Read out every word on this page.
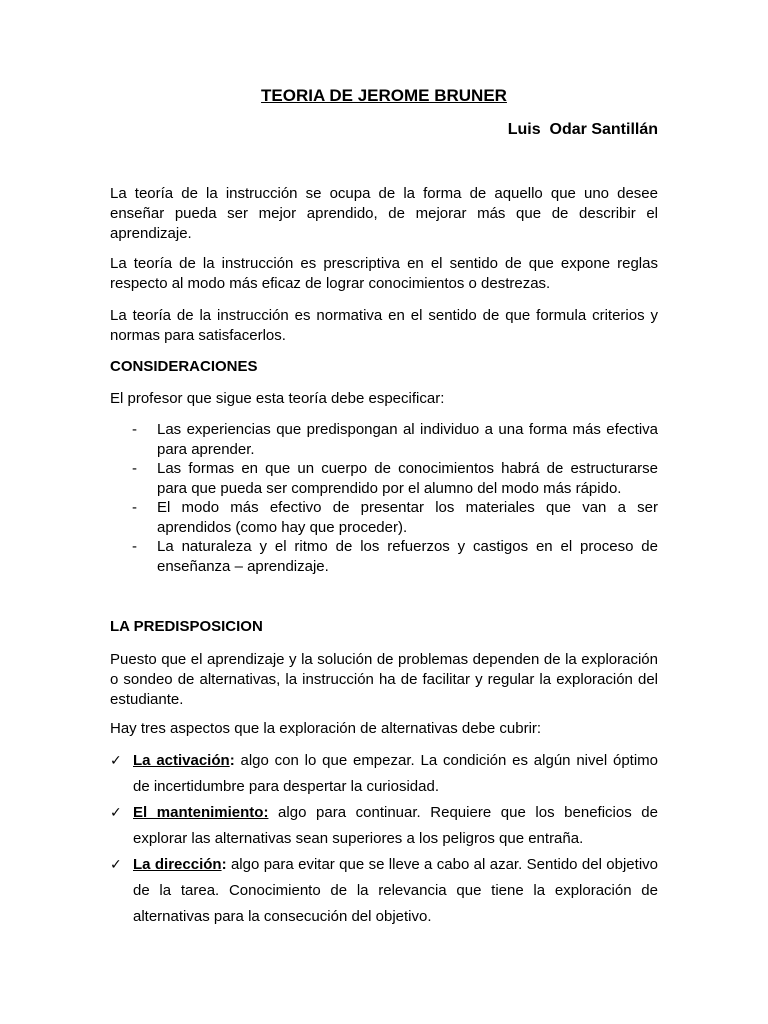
TEORIA DE JEROME BRUNER

Luis  Odar Santillán

La teoría de la instrucción se ocupa de la forma de aquello que uno desee enseñar pueda ser mejor aprendido, de mejorar más que de describir el aprendizaje.

La teoría de la instrucción es prescriptiva en el sentido de que expone reglas respecto al modo más eficaz de lograr conocimientos o destrezas.

La teoría de la instrucción es normativa en el sentido de que formula criterios y normas para satisfacerlos.

CONSIDERACIONES

El profesor que sigue esta teoría debe especificar:

- Las experiencias que predispongan al individuo a una forma más efectiva para aprender.
- Las formas en que un cuerpo de conocimientos habrá de estructurarse para que pueda ser comprendido por el alumno del modo más rápido.
- El modo más efectivo de presentar los materiales que van a ser aprendidos (como hay que proceder).
- La naturaleza y el ritmo de los refuerzos y castigos en el proceso de enseñanza – aprendizaje.
LA PREDISPOSICION

Puesto que el aprendizaje y la solución de problemas dependen de la exploración o sondeo de alternativas, la instrucción ha de facilitar y regular la exploración del estudiante.

Hay tres aspectos que la exploración de alternativas debe cubrir:

✓ La activación: algo con lo que empezar. La condición es algún nivel óptimo de incertidumbre para despertar la curiosidad.
✓ El mantenimiento: algo para continuar. Requiere que los beneficios de explorar las alternativas sean superiores a los peligros que entraña.
✓ La dirección: algo para evitar que se lleve a cabo al azar. Sentido del objetivo de la tarea. Conocimiento de la relevancia que tiene la exploración de alternativas para la consecución del objetivo.
